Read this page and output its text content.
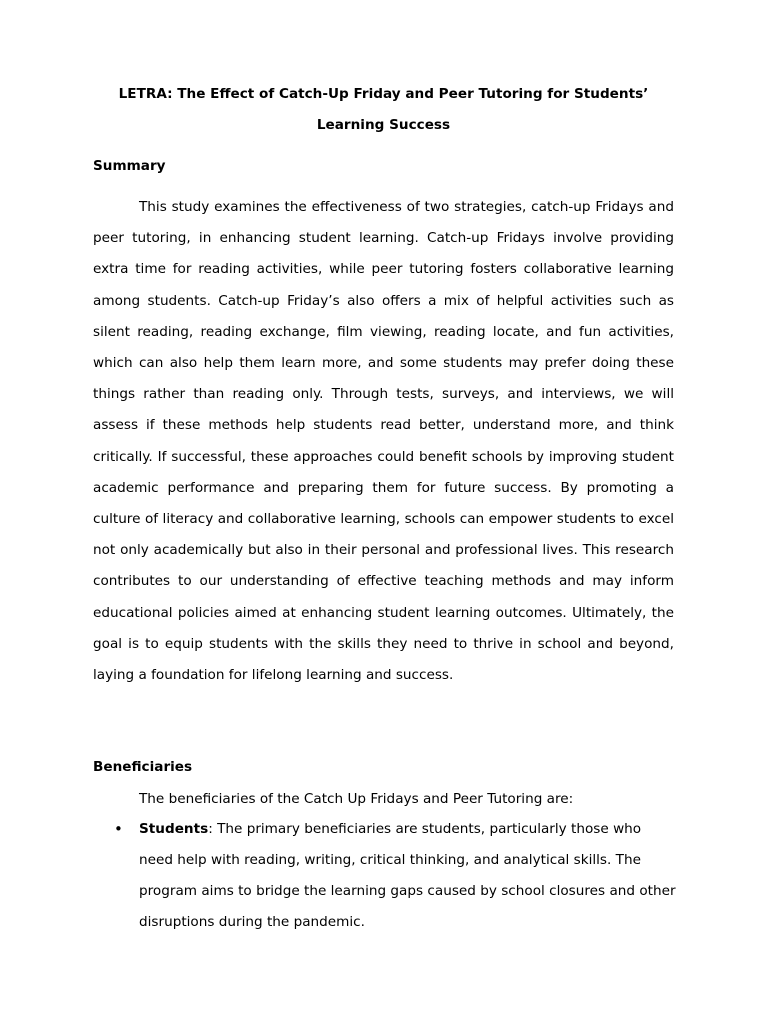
LETRA: The Effect of Catch-Up Friday and Peer Tutoring for Students’ Learning Success
Summary

This study examines the effectiveness of two strategies, catch-up Fridays and peer tutoring, in enhancing student learning. Catch-up Fridays involve providing extra time for reading activities, while peer tutoring fosters collaborative learning among students. Catch-up Friday’s also offers a mix of helpful activities such as silent reading, reading exchange, film viewing, reading locate, and fun activities, which can also help them learn more, and some students may prefer doing these things rather than reading only. Through tests, surveys, and interviews, we will assess if these methods help students read better, understand more, and think critically. If successful, these approaches could benefit schools by improving student academic performance and preparing them for future success. By promoting a culture of literacy and collaborative learning, schools can empower students to excel not only academically but also in their personal and professional lives. This research contributes to our understanding of effective teaching methods and may inform educational policies aimed at enhancing student learning outcomes. Ultimately, the goal is to equip students with the skills they need to thrive in school and beyond, laying a foundation for lifelong learning and success.

Beneficiaries

The beneficiaries of the Catch Up Fridays and Peer Tutoring are:

• Students: The primary beneficiaries are students, particularly those who need help with reading, writing, critical thinking, and analytical skills. The program aims to bridge the learning gaps caused by school closures and other disruptions during the pandemic.
